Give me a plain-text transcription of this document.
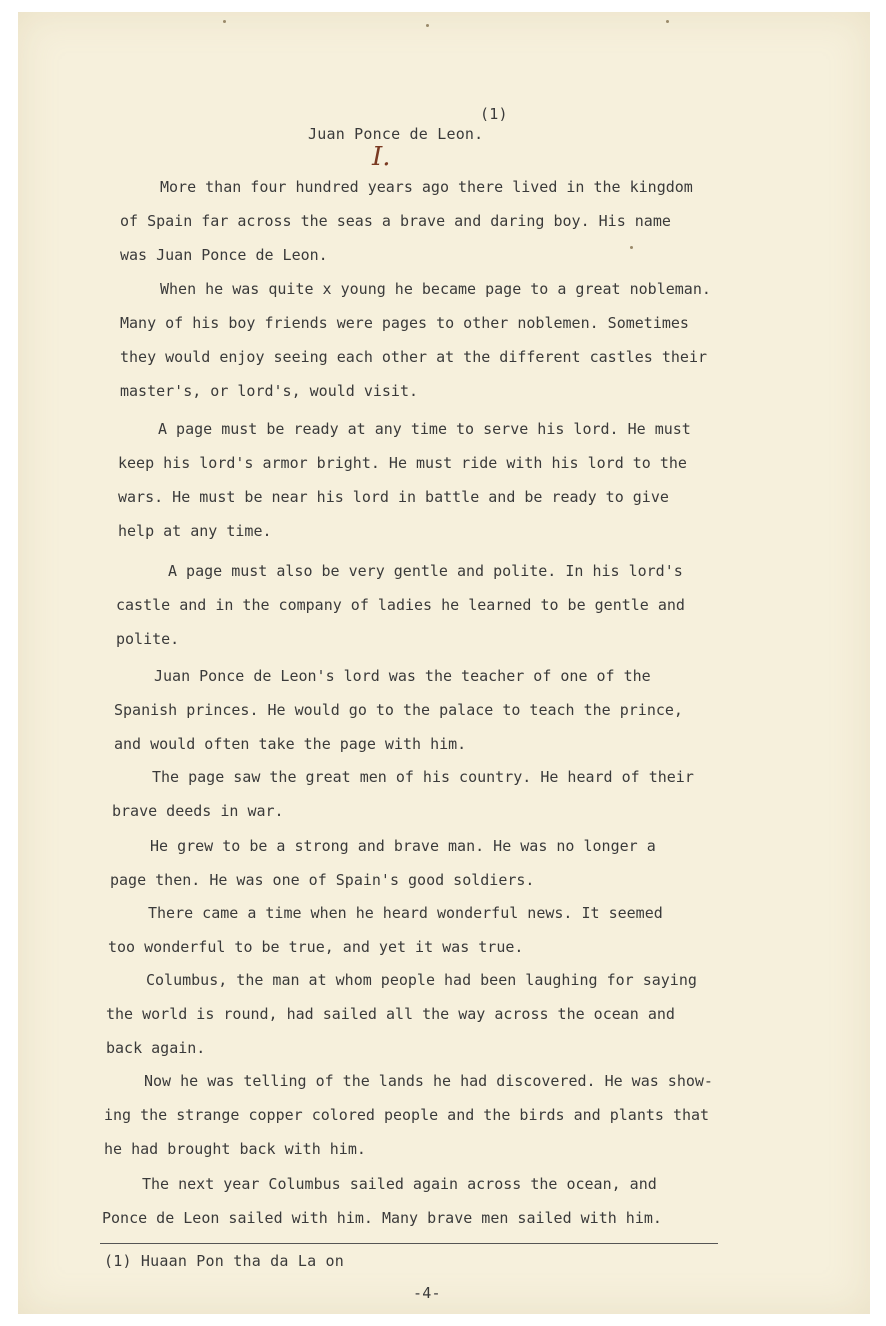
(1)
Juan Ponce de Leon.
I.
More than four hundred years ago there lived in the kingdom
of Spain far across the seas a brave and daring boy. His name
was Juan Ponce de Leon.
When he was quite x young he became page to a great nobleman.
Many of his boy friends were pages to other noblemen. Sometimes
they would enjoy seeing each other at the different castles their
master's, or lord's, would visit.
A page must be ready at any time to serve his lord. He must
keep his lord's armor bright. He must ride with his lord to the
wars. He must be near his lord in battle and be ready to give
help at any time.
A page must also be very gentle and polite. In his lord's
castle and in the company of ladies he learned to be gentle and
polite.
Juan Ponce de Leon's lord was the teacher of one of the
Spanish princes. He would go to the palace to teach the prince,
and would often take the page with him.
The page saw the great men of his country. He heard of their
brave deeds in war.
He grew to be a strong and brave man. He was no longer a
page then. He was one of Spain's good soldiers.
There came a time when he heard wonderful news. It seemed
too wonderful to be true, and yet it was true.
Columbus, the man at whom people had been laughing for saying
the world is round, had sailed all the way across the ocean and
back again.
Now he was telling of the lands he had discovered. He was show-
ing the strange copper colored people and the birds and plants that
he had brought back with him.
The next year Columbus sailed again across the ocean, and
Ponce de Leon sailed with him. Many brave men sailed with him.
(1) Huaan Pon tha da La on
-4-
